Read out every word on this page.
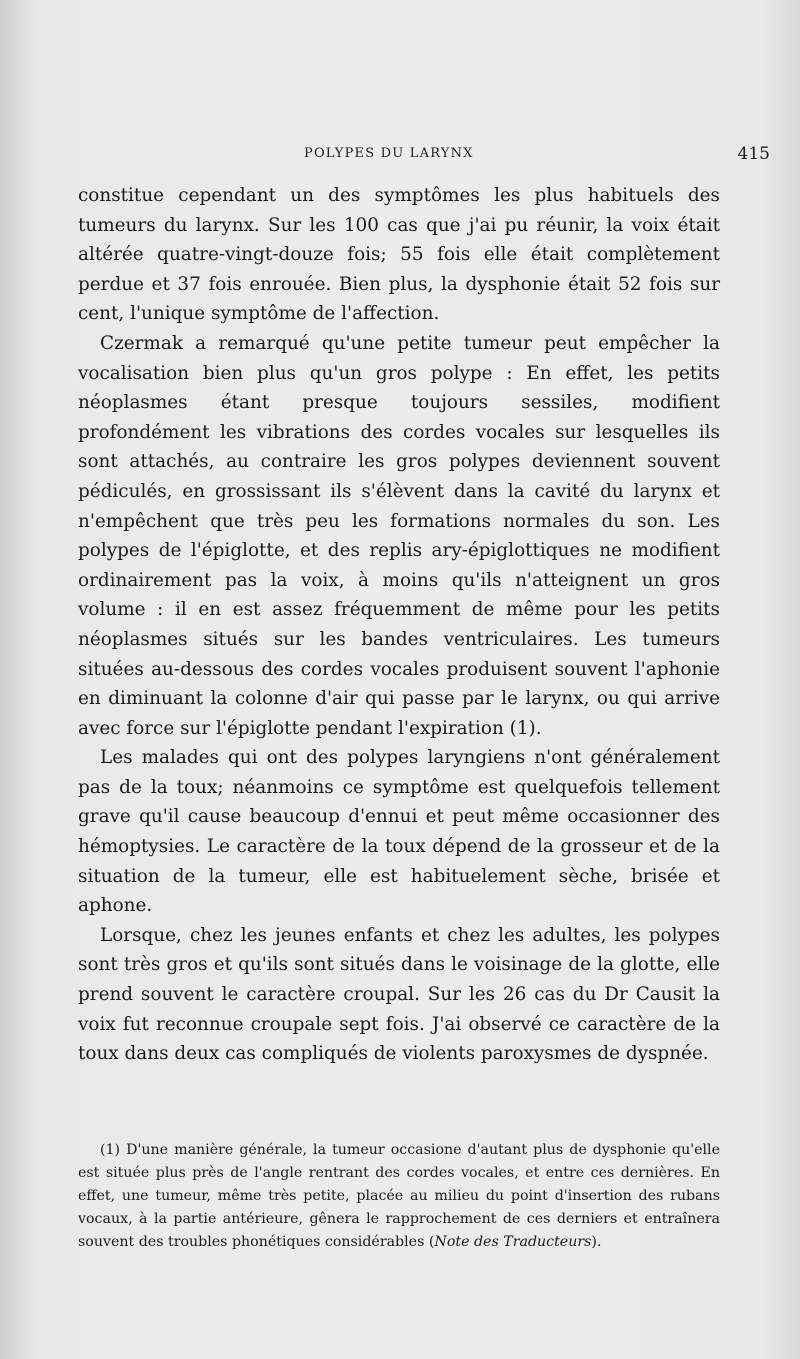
POLYPES DU LARYNX	415

constitue cependant un des symptômes les plus habituels des tumeurs du larynx. Sur les 100 cas que j'ai pu réunir, la voix était altérée quatre-vingt-douze fois; 55 fois elle était complètement perdue et 37 fois enrouée. Bien plus, la dysphonie était 52 fois sur cent, l'unique symptôme de l'affection.

Czermak a remarqué qu'une petite tumeur peut empêcher la vocalisation bien plus qu'un gros polype : En effet, les petits néoplasmes étant presque toujours sessiles, modifient profondément les vibrations des cordes vocales sur lesquelles ils sont attachés, au contraire les gros polypes deviennent souvent pédiculés, en grossissant ils s'élèvent dans la cavité du larynx et n'empêchent que très peu les formations normales du son. Les polypes de l'épiglotte, et des replis ary-épiglottiques ne modifient ordinairement pas la voix, à moins qu'ils n'atteignent un gros volume : il en est assez fréquemment de même pour les petits néoplasmes situés sur les bandes ventriculaires. Les tumeurs situées au-dessous des cordes vocales produisent souvent l'aphonie en diminuant la colonne d'air qui passe par le larynx, ou qui arrive avec force sur l'épiglotte pendant l'expiration (1).

Les malades qui ont des polypes laryngiens n'ont généralement pas de la toux; néanmoins ce symptôme est quelquefois tellement grave qu'il cause beaucoup d'ennui et peut même occasionner des hémoptysies. Le caractère de la toux dépend de la grosseur et de la situation de la tumeur, elle est habituelement sèche, brisée et aphone.

Lorsque, chez les jeunes enfants et chez les adultes, les polypes sont très gros et qu'ils sont situés dans le voisinage de la glotte, elle prend souvent le caractère croupal. Sur les 26 cas du Dr Causit la voix fut reconnue croupale sept fois. J'ai observé ce caractère de la toux dans deux cas compliqués de violents paroxysmes de dyspnée.

(1) D'une manière générale, la tumeur occasione d'autant plus de dysphonie qu'elle est située plus près de l'angle rentrant des cordes vocales, et entre ces dernières. En effet, une tumeur, même très petite, placée au milieu du point d'insertion des rubans vocaux, à la partie antérieure, gênera le rapprochement de ces derniers et entraînera souvent des troubles phonétiques considérables (Note des Traducteurs).
